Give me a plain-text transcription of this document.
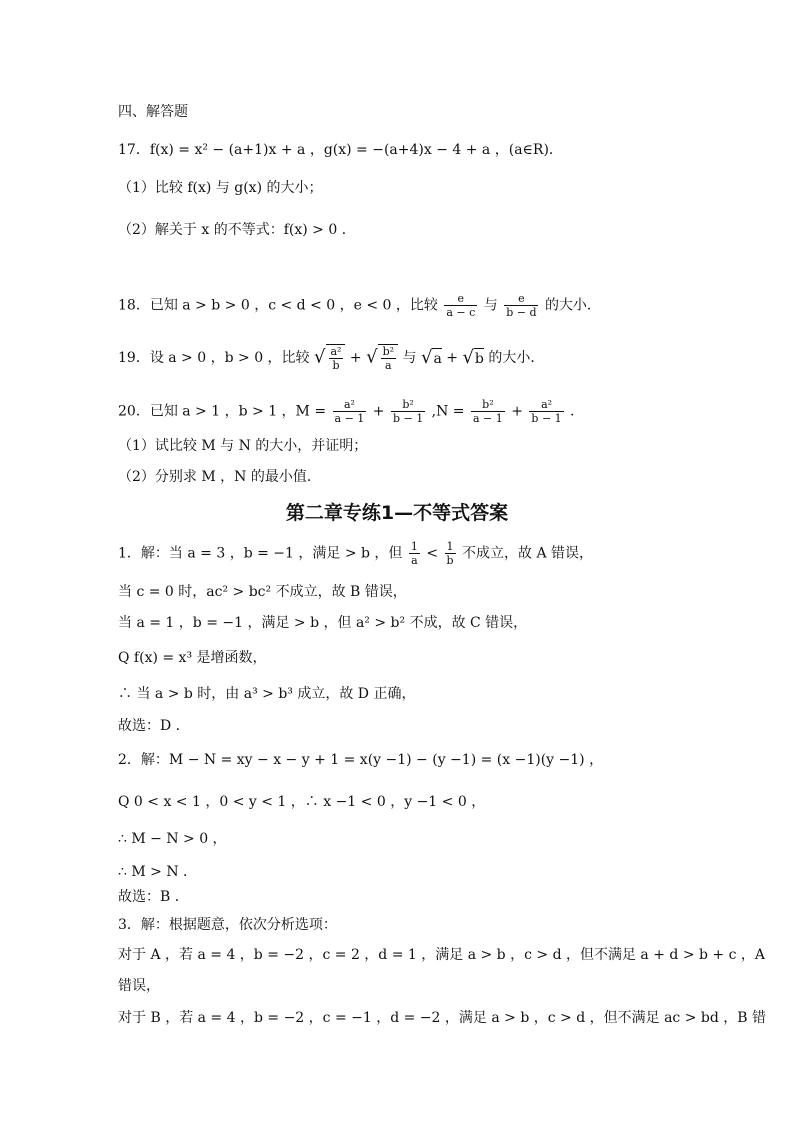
四、解答题
17．f(x) = x² − (a+1)x + a ，g(x) = −(a+4)x − 4 + a ，(a∈R)．
（1）比较 f(x) 与 g(x) 的大小；
（2）解关于 x 的不等式：f(x) > 0 ．
18．已知 a > b > 0 ，c < d < 0 ，e < 0 ，比较 $\frac{e}{a - c}$ 与 $\frac{e}{b - d}$ 的大小．
19．设 a > 0 ，b > 0 ，比较 √ $\frac{\text{a²}}{b}$ + √ $\frac{\text{b²}}{a}$ 与 √a + √b 的大小．
20．已知 a > 1 ，b > 1 ，$M = \frac{\text{a²}}{a - 1} + \frac{\text{b²}}{b - 1} ,N = \frac{\text{b²}}{a - 1} + \frac{\text{a²}}{b - 1}$ ．
（1）试比较 M 与 N 的大小，并证明；
（2）分别求 M ，N 的最小值．
第二章专练1—不等式答案
1．解：当 a = 3 ，b = −1 ，满足 > b ，但 $\frac{1}{a} < \frac{1}{b}$ 不成立，故 A 错误，
当 c = 0 时，ac² > bc² 不成立，故 B 错误，
当 a = 1 ，b = −1 ，满足 > b ，但 a² > b² 不成，故 C 错误，
Q f(x) = x³ 是增函数，
∴ 当 a > b 时，由 a³ > b³ 成立，故 D 正确，
故选：D ．
2．解：M − N = xy − x − y + 1 = x(y −1) − (y −1) = (x −1)(y −1) ，
Q 0 < x < 1 ，0 < y < 1 ，∴ x −1 < 0 ，y −1 < 0 ，
∴ M − N > 0 ，
∴ M > N ．
故选：B ．
3．解：根据题意，依次分析选项：
对于 A ，若 a = 4 ，b = −2 ，c = 2 ，d = 1 ，满足 a > b ，c > d ，但不满足 a + d > b + c ，A
错误，
对于 B ，若 a = 4 ，b = −2 ，c = −1 ，d = −2 ，满足 a > b ，c > d ，但不满足 ac > bd ，B 错
